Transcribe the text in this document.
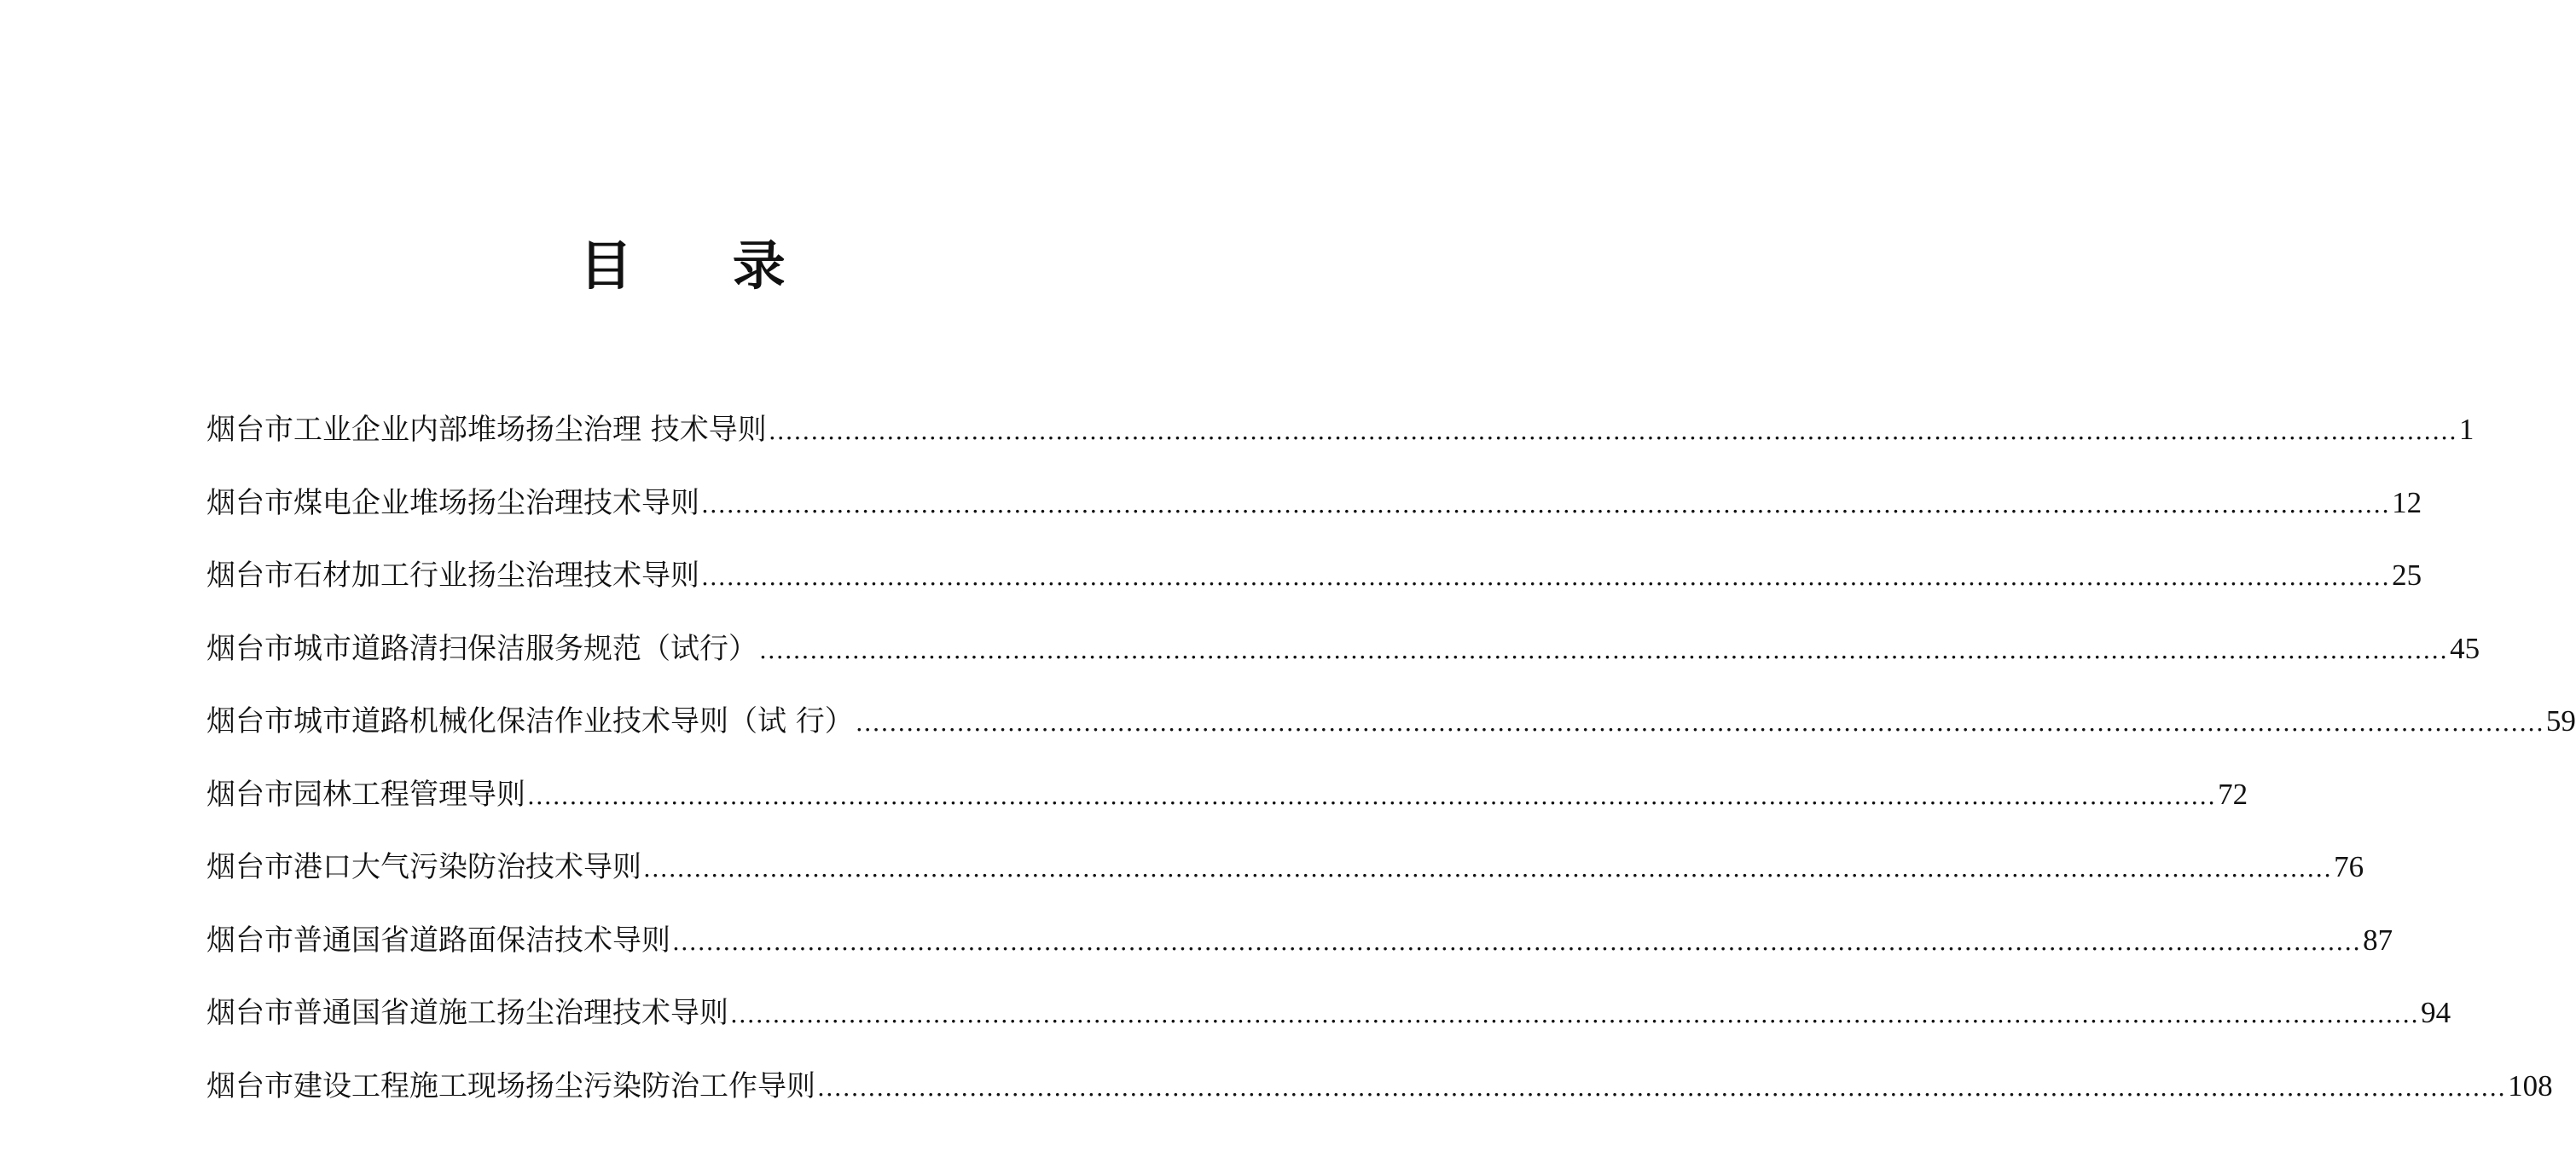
目 录
烟台市工业企业内部堆场扬尘治理 技术导则 ........................................................................................................................................................................................................ 1
烟台市煤电企业堆场扬尘治理技术导则 ........................................................................................................................................................................................................ 12
烟台市石材加工行业扬尘治理技术导则 ........................................................................................................................................................................................................ 25
烟台市城市道路清扫保洁服务规范（试行） ........................................................................................................................................................................................................ 45
烟台市城市道路机械化保洁作业技术导则（试 行） ........................................................................................................................................................................................................ 59
烟台市园林工程管理导则 ........................................................................................................................................................................................................ 72
烟台市港口大气污染防治技术导则 ........................................................................................................................................................................................................ 76
烟台市普通国省道路面保洁技术导则 ........................................................................................................................................................................................................ 87
烟台市普通国省道施工扬尘治理技术导则 ........................................................................................................................................................................................................ 94
烟台市建设工程施工现场扬尘污染防治工作导则 ........................................................................................................................................................................................................ 108
